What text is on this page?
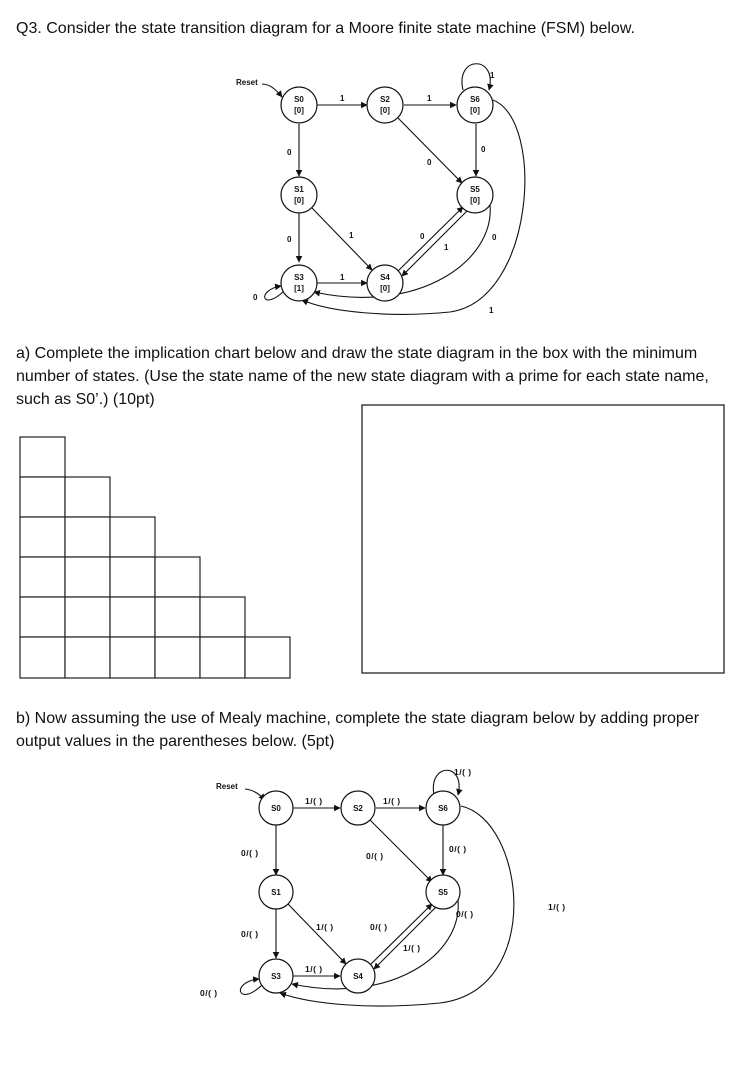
Q3. Consider the state transition diagram for a Moore finite state machine (FSM) below.
Reset
1	1
1
0
0
0
0	1	0
1
0
1
0
1
S0
[0]
S2
[0]
S6
[0]
S1
[0]
S5
[0]
S3
[1]
S4
[0]
a) Complete the implication chart below and draw the state diagram in the box with the minimum number of states. (Use the state name of the new state diagram with a prime for each state name, such as S0’.) (10pt)
b) Now assuming the use of Mealy machine, complete the state diagram below by adding proper output values in the parentheses below. (5pt)
Reset
1/( )	1/( )
1/( )
0/( )	0/( )
0/( )
0/( )
1/( )
1/( )	0/( )
1/( )
0/( )
1/( )
0/( )
S0	S2	S6
S1	S5
S3	S4
